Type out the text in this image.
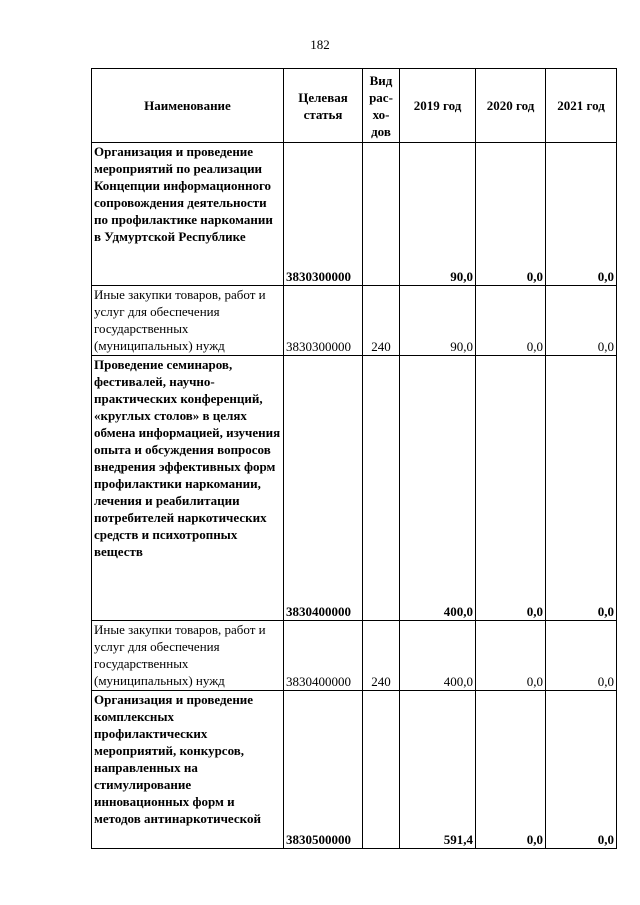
182
Наименование	Целевая статья	Вид рас-хо-дов	2019 год	2020 год	2021 год
Организация и проведение мероприятий по реализации Концепции информационного сопровождения деятельности по профилактике наркомании в Удмуртской Республике	3830300000		90,0	0,0	0,0
Иные закупки товаров, работ и услуг для обеспечения государственных (муниципальных) нужд	3830300000	240	90,0	0,0	0,0
Проведение семинаров, фестивалей, научно-практических конференций, «круглых столов» в целях обмена информацией, изучения опыта и обсуждения вопросов внедрения эффективных форм профилактики наркомании, лечения и реабилитации потребителей наркотических средств и психотропных веществ	3830400000		400,0	0,0	0,0
Иные закупки товаров, работ и услуг для обеспечения государственных (муниципальных) нужд	3830400000	240	400,0	0,0	0,0
Организация и проведение комплексных профилактических мероприятий, конкурсов, направленных на стимулирование инновационных форм и методов антинаркотической	3830500000		591,4	0,0	0,0
